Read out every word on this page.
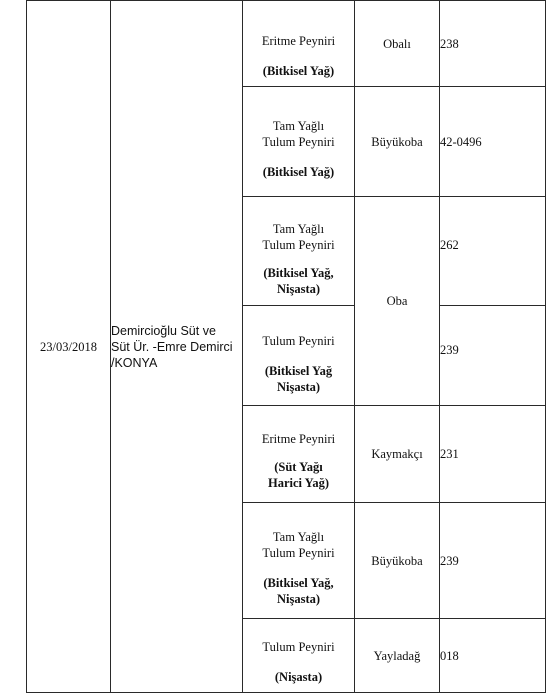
23/03/2018	Demircioğlu Süt ve
Süt Ür. -Emre Demirci
/KONYA	Eritme Peyniri
(Bitkisel Yağ)	Obalı	238

		Tam Yağlı
Tulum Peyniri
(Bitkisel Yağ)	Büyükoba	42-0496

		Tam Yağlı
Tulum Peyniri
(Bitkisel Yağ,
Nişasta)	Oba	262

		Tulum Peyniri
(Bitkisel Yağ
Nişasta)		239

		Eritme Peyniri
(Süt Yağı
Harici Yağ)	Kaymakçı	231

		Tam Yağlı
Tulum Peyniri
(Bitkisel Yağ,
Nişasta)	Büyükoba	239

		Tulum Peyniri
(Nişasta)	Yayladağ	018
